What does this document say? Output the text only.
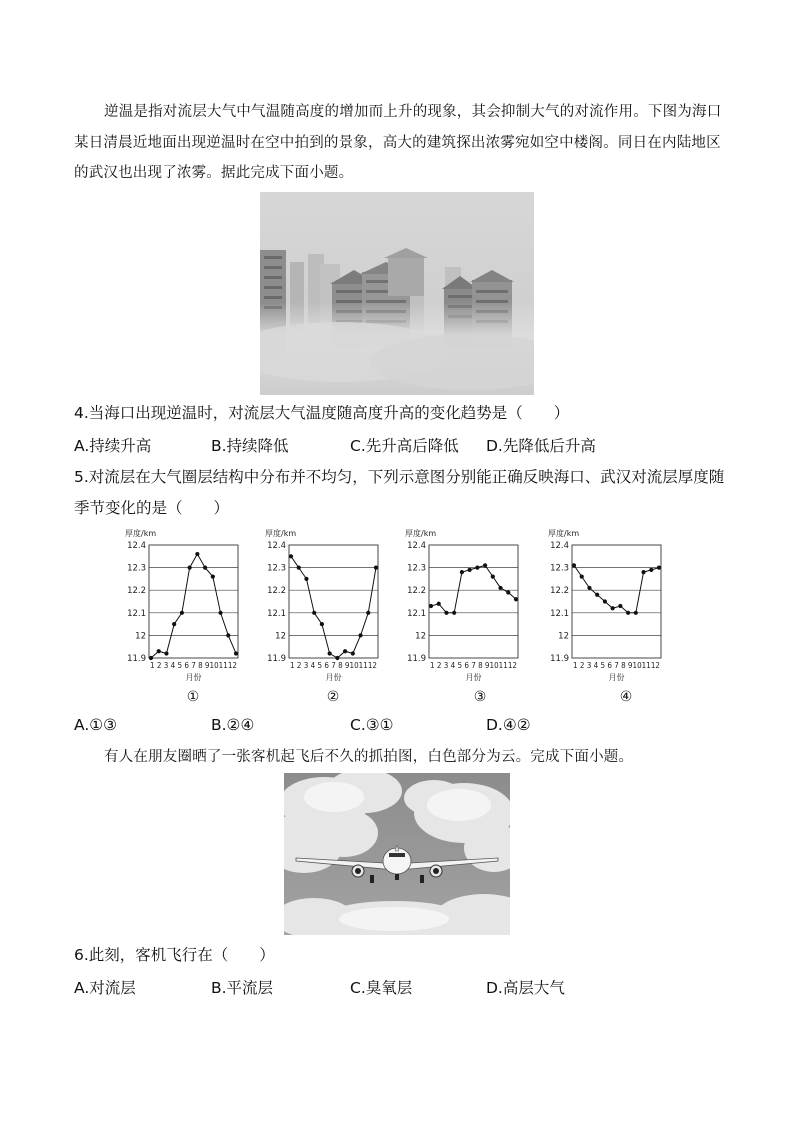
逆温是指对流层大气中气温随高度的增加而上升的现象，其会抑制大气的对流作用。下图为海口某日清晨近地面出现逆温时在空中拍到的景象，高大的建筑探出浓雾宛如空中楼阁。同日在内陆地区的武汉也出现了浓雾。据此完成下面小题。
4.当海口出现逆温时，对流层大气温度随高度升高的变化趋势是（　　）
A.持续升高	B.持续降低	C.先升高后降低 D.先降低后升高
5.对流层在大气圈层结构中分布并不均匀，下列示意图分别能正确反映海口、武汉对流层厚度随季节变化的是（　　）
厚度/km
12.4
12.3
12.2
12.1
12
11.9
1 2 3 4 5 6 7 8 9101112
月份
厚度/km
12.4
12.3
12.2
12.1
12
11.9
1 2 3 4 5 6 7 8 9101112
月份
厚度/km
12.4
12.3
12.2
12.1
12
11.9
1 2 3 4 5 6 7 8 9101112
月份
厚度/km
12.4
12.3
12.2
12.1
12
11.9
1 2 3 4 5 6 7 8 9101112
月份
①	②	③	④
A.①③	B.②④	C.③①	D.④②
有人在朋友圈晒了一张客机起飞后不久的抓拍图，白色部分为云。完成下面小题。
6.此刻，客机飞行在（　　）
A.对流层	B.平流层	C.臭氧层	D.高层大气
